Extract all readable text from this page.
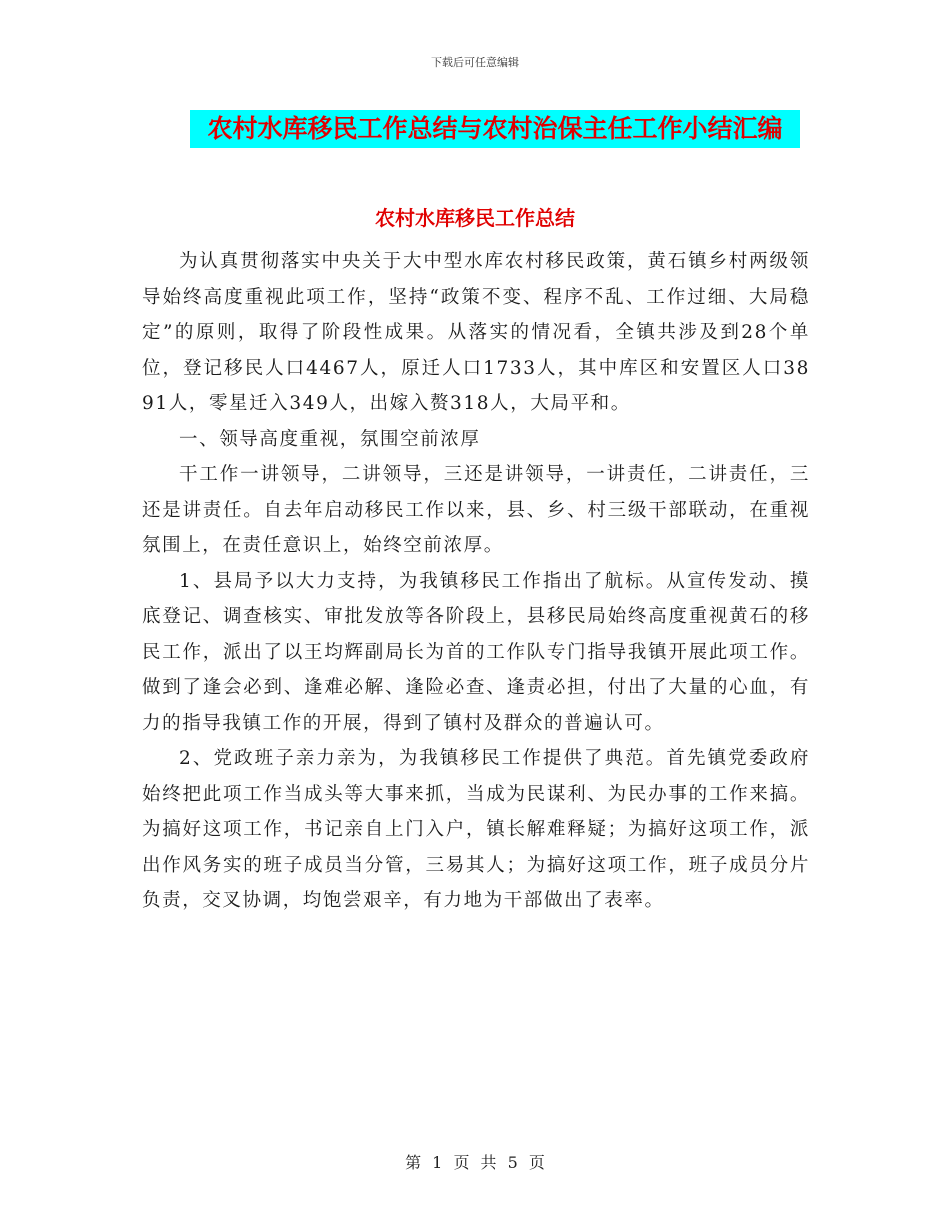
下载后可任意编辑
农村水库移民工作总结与农村治保主任工作小结汇编
农村水库移民工作总结

为认真贯彻落实中央关于大中型水库农村移民政策，黄石镇乡村两级领导始终高度重视此项工作，坚持“政策不变、程序不乱、工作过细、大局稳定”的原则，取得了阶段性成果。从落实的情况看，全镇共涉及到28个单位，登记移民人口4467人，原迁人口1733人，其中库区和安置区人口3891人，零星迁入349人，出嫁入赘318人，大局平和。

一、领导高度重视，氛围空前浓厚

干工作一讲领导，二讲领导，三还是讲领导，一讲责任，二讲责任，三还是讲责任。自去年启动移民工作以来，县、乡、村三级干部联动，在重视氛围上，在责任意识上，始终空前浓厚。

1、县局予以大力支持，为我镇移民工作指出了航标。从宣传发动、摸底登记、调查核实、审批发放等各阶段上，县移民局始终高度重视黄石的移民工作，派出了以王均辉副局长为首的工作队专门指导我镇开展此项工作。做到了逢会必到、逢难必解、逢险必查、逢责必担，付出了大量的心血，有力的指导我镇工作的开展，得到了镇村及群众的普遍认可。

2、党政班子亲力亲为，为我镇移民工作提供了典范。首先镇党委政府始终把此项工作当成头等大事来抓，当成为民谋利、为民办事的工作来搞。为搞好这项工作，书记亲自上门入户，镇长解难释疑；为搞好这项工作，派出作风务实的班子成员当分管，三易其人；为搞好这项工作，班子成员分片负责，交叉协调，均饱尝艰辛，有力地为干部做出了表率。

第 1 页 共 5 页
